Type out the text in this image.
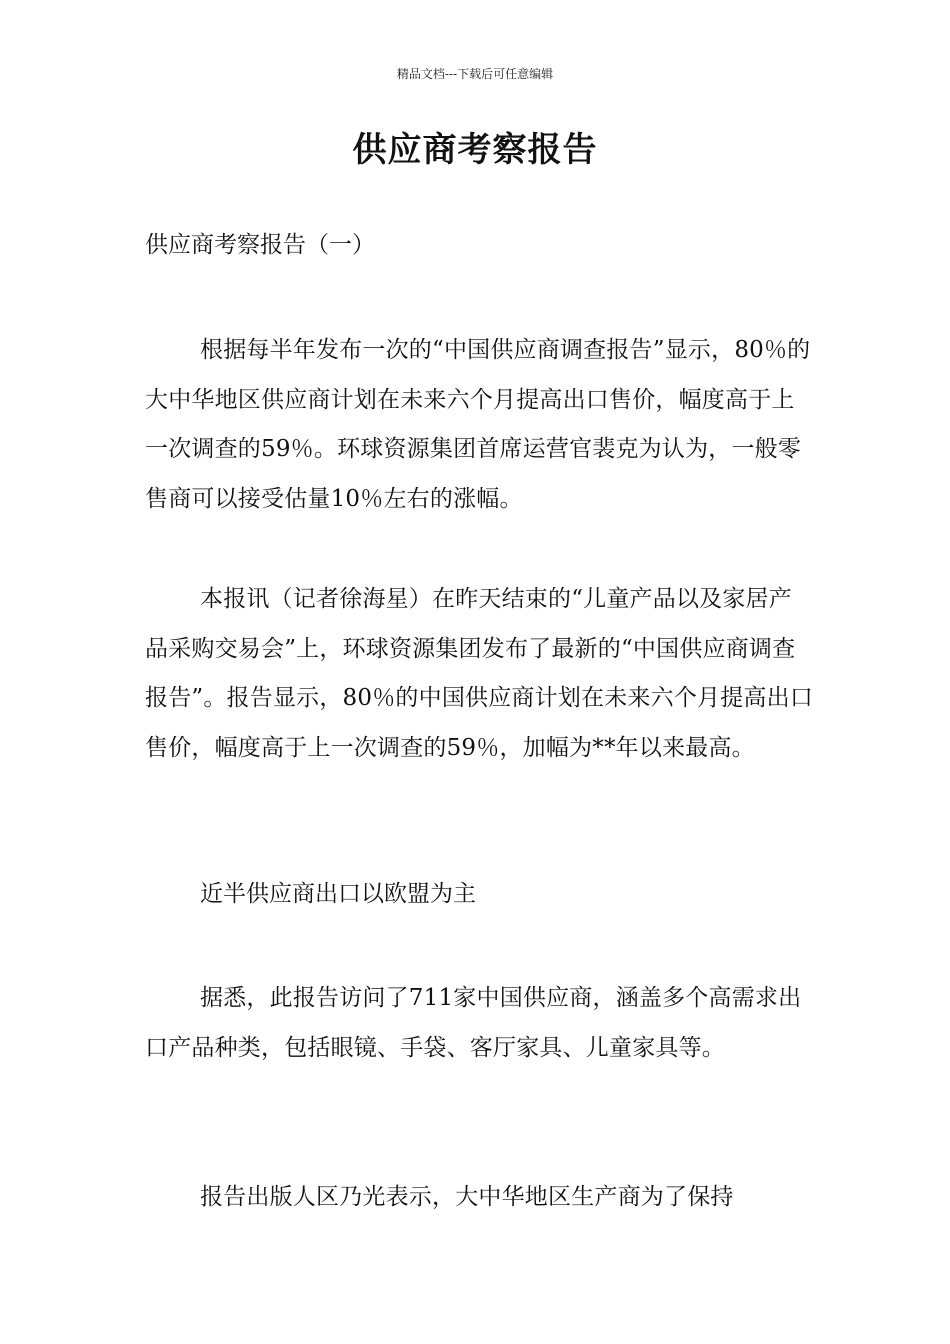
精品文档---下载后可任意编辑
供应商考察报告

供应商考察报告（一）

根据每半年发布一次的“中国供应商调查报告”显示，80％的大中华地区供应商计划在未来六个月提高出口售价，幅度高于上一次调查的59％。环球资源集团首席运营官裴克为认为，一般零售商可以接受估量10％左右的涨幅。

本报讯（记者徐海星）在昨天结束的“儿童产品以及家居产品采购交易会”上，环球资源集团发布了最新的“中国供应商调查报告”。报告显示，80％的中国供应商计划在未来六个月提高出口售价，幅度高于上一次调查的59％，加幅为**年以来最高。

近半供应商出口以欧盟为主

据悉，此报告访问了711家中国供应商，涵盖多个高需求出口产品种类，包括眼镜、手袋、客厅家具、儿童家具等。

报告出版人区乃光表示，大中华地区生产商为了保持
